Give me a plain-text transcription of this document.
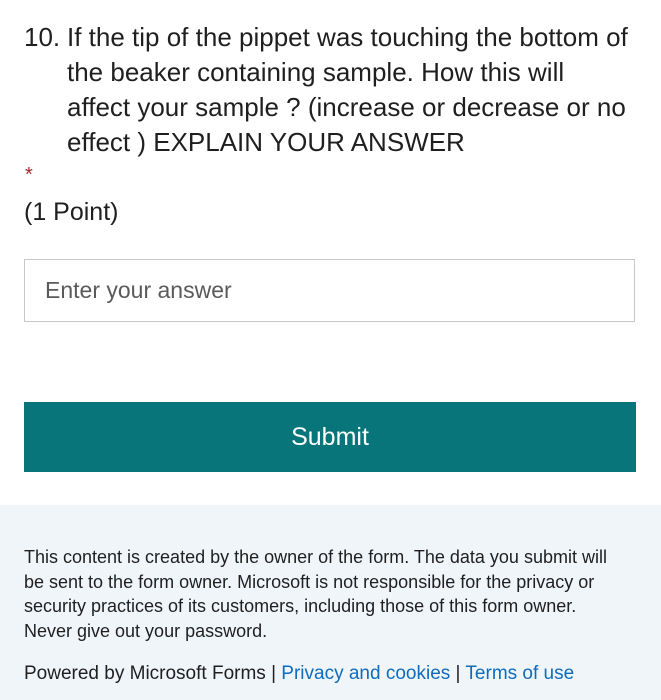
10. If the tip of the pippet was touching the bottom of the beaker containing sample. How this will affect your sample ? (increase or decrease or no effect ) EXPLAIN YOUR ANSWER
*
(1 Point)
Enter your answer
Submit
This content is created by the owner of the form. The data you submit will be sent to the form owner. Microsoft is not responsible for the privacy or security practices of its customers, including those of this form owner. Never give out your password.
Powered by Microsoft Forms | Privacy and cookies | Terms of use
